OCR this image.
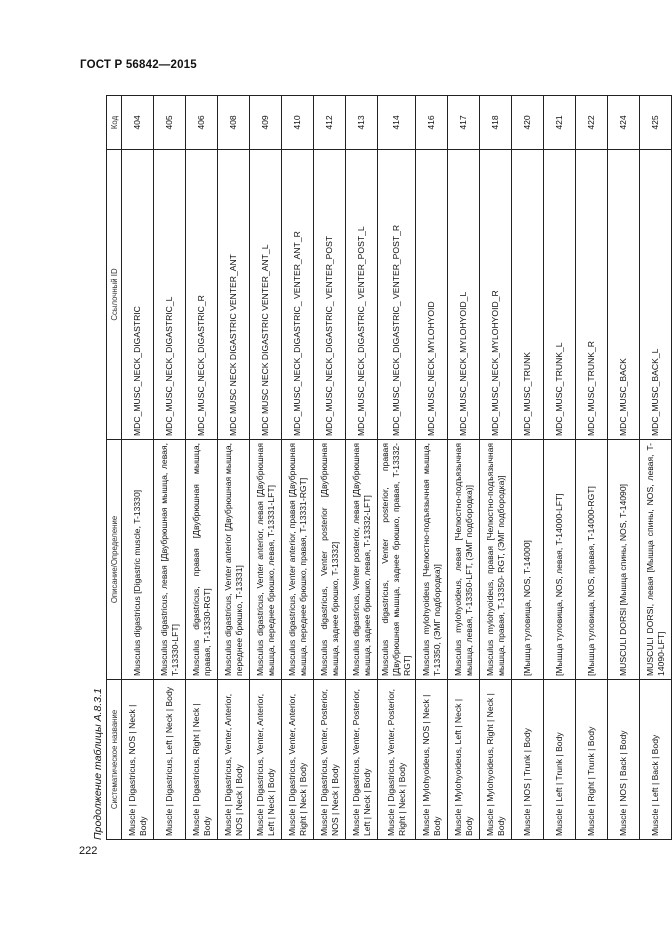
ГОСТ Р 56842—2015
Продолжение таблицы А.8.3.1 Систематическое название	Описание/Определение	Ссылочный ID	Код
Muscle | Digastricus, NOS | Neck | Body	Musculus digastricus [Digastric muscle, T-13330]	MDC_MUSC_NECK_DIGASTRIC	404
Muscle | Digastricus, Left | Neck | Body	Musculus digastricus, левая [Двубрюшная мышца, левая, T-13330-LFT]	MDC_MUSC_NECK_DIGASTRIC_L	405
Muscle | Digastricus, Right | Neck | Body	Musculus digastricus, правая [Двубрюшная мышца, правая, T-13330-RGT]	MDC_MUSC_NECK_DIGASTRIC_R	406
Muscle | Digastricus, Venter, Anterior, NOS | Neck | Body	Musculus digastricus, Venter anterior [Двубрюшная мышца, переднее брюшко, T-13331]	MDC MUSC NECK DIGASTRIC VENTER_ANT	408
Muscle | Digastricus, Venter, Anterior, Left | Neck | Body	Musculus digastricus, Venter anterior, левая [Двубрюшная мышца, переднее брюшко, левая, T-13331-LFT]	MDC MUSC NECK DIGASTRIC VENTER_ANT_L	409
Muscle | Digastricus, Venter, Anterior, Right | Neck | Body	Musculus digastricus, Venter anterior, правая [Двубрюшная мышца, переднее брюшко, правая, T-13331-RGT]	MDC_MUSC_NECK_DIGASTRIC_ VENTER_ANT_R	410
Muscle | Digastricus, Venter, Posterior, NOS | Neck | Body	Musculus digastricus, Venter posterior [Двубрюшная мышца, заднее брюшко, T-13332]	MDC_MUSC_NECK_DIGASTRIC_ VENTER_POST	412
Muscle | Digastricus, Venter, Posterior, Left | Neck | Body	Musculus digastricus, Venter posterior, левая [Двубрюшная мышца, заднее брюшко, левая, T-13332-LFT]	MDC_MUSC_NECK_DIGASTRIC_ VENTER_POST_L	413
Muscle | Digastricus, Venter, Posterior, Right | Neck | Body	Musculus digastricus, Venter posterior, правая [Двубрюшная мышца, заднее брюшко, правая, T-13332-RGT]	MDC_MUSC_NECK_DIGASTRIC_ VENTER_POST_R	414
Muscle | Mylohyoideus, NOS | Neck | Body	Musculus mylohyoideus [Челюстно-подъязычная мышца, T-13350, (ЭМГ подбородка)]	MDC_MUSC_NECK_MYLOHYOID	416
Muscle | Mylohyoideus, Left | Neck | Body	Musculus mylohyoideus, левая [Челюстно-подъязычная мышца, левая, T-13350-LFT, (ЭМГ подбородка)]	MDC_MUSC_NECK_MYLOHYOID_L	417
Muscle | Mylohyoideus, Right | Neck | Body	Musculus mylohyoideus, правая [Челюстно-подъязычная мышца, правая, T-13350- RGT, (ЭМГ подбородка)]	MDC_MUSC_NECK_MYLOHYOID_R	418
Muscle | NOS | Trunk | Body	[Мышца туловища, NOS, T-14000]	MDC_MUSC_TRUNK	420
Muscle | Left | Trunk | Body	[Мышца туловища, NOS, левая, T-14000-LFT]	MDC_MUSC_TRUNK_L	421
Muscle | Right | Trunk | Body	[Мышца туловища, NOS, правая, T-14000-RGT]	MDC_MUSC_TRUNK_R	422
Muscle | NOS | Back | Body	MUSCULI DORSI [Мышца спины, NOS, T-14090]	MDC_MUSC_BACK	424
Muscle | Left | Back | Body	MUSCULI DORSI, левая [Мышца спины, NOS, левая, T-14090-LFT]	MDC_MUSC_BACK_L	425
222
